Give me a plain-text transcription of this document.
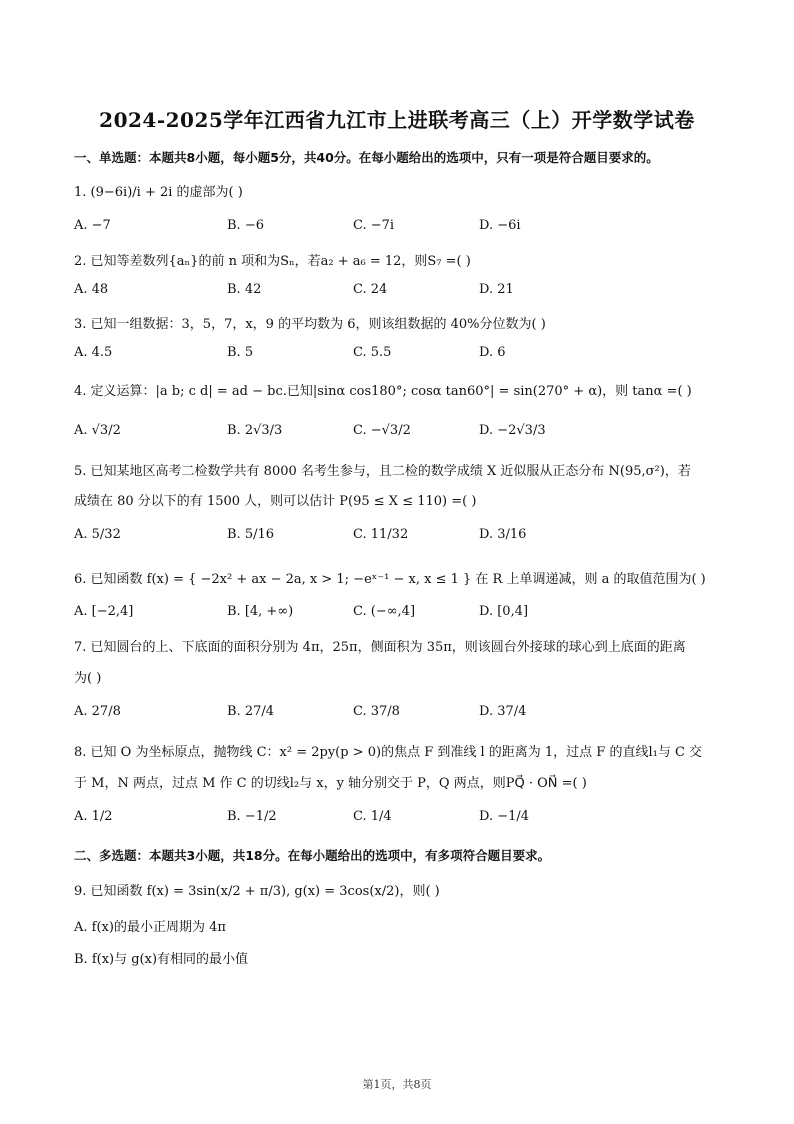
2024-2025学年江西省九江市上进联考高三（上）开学数学试卷
一、单选题：本题共8小题，每小题5分，共40分。在每小题给出的选项中，只有一项是符合题目要求的。
1. (9−6i)/i + 2i 的虚部为( )
A. −7	B. −6	C. −7i	D. −6i
2. 已知等差数列{aₙ}的前 n 项和为Sₙ，若a₂ + a₆ = 12，则S₇ =( )
A. 48	B. 42	C. 24	D. 21
3. 已知一组数据：3，5，7，x，9 的平均数为 6，则该组数据的 40%分位数为( )
A. 4.5	B. 5	C. 5.5	D. 6
4. 定义运算：|a b; c d| = ad − bc.已知|sinα cos180°; cosα tan60°| = sin(270° + α)，则 tanα =( )
A. √3/2	B. 2√3/3	C. −√3/2	D. −2√3/3
5. 已知某地区高考二检数学共有 8000 名考生参与，且二检的数学成绩 X 近似服从正态分布 N(95,σ²)，若
成绩在 80 分以下的有 1500 人，则可以估计 P(95 ≤ X ≤ 110) =( )
A. 5/32	B. 5/16	C. 11/32	D. 3/16
6. 已知函数 f(x) = { −2x² + ax − 2a, x > 1; −eˣ⁻¹ − x, x ≤ 1 } 在 R 上单调递减，则 a 的取值范围为( )
A. [−2,4]	B. [4, +∞)	C. (−∞,4]	D. [0,4]
7. 已知圆台的上、下底面的面积分别为 4π，25π，侧面积为 35π，则该圆台外接球的球心到上底面的距离
为( )
A. 27/8	B. 27/4	C. 37/8	D. 37/4
8. 已知 O 为坐标原点，抛物线 C：x² = 2py(p > 0)的焦点 F 到准线 l 的距离为 1，过点 F 的直线l₁与 C 交
于 M，N 两点，过点 M 作 C 的切线l₂与 x，y 轴分别交于 P，Q 两点，则PQ⃗ · ON⃗ =( )
A. 1/2	B. −1/2	C. 1/4	D. −1/4
二、多选题：本题共3小题，共18分。在每小题给出的选项中，有多项符合题目要求。
9. 已知函数 f(x) = 3sin(x/2 + π/3), g(x) = 3cos(x/2)，则( )
A. f(x)的最小正周期为 4π
B. f(x)与 g(x)有相同的最小值
第1页，共8页
